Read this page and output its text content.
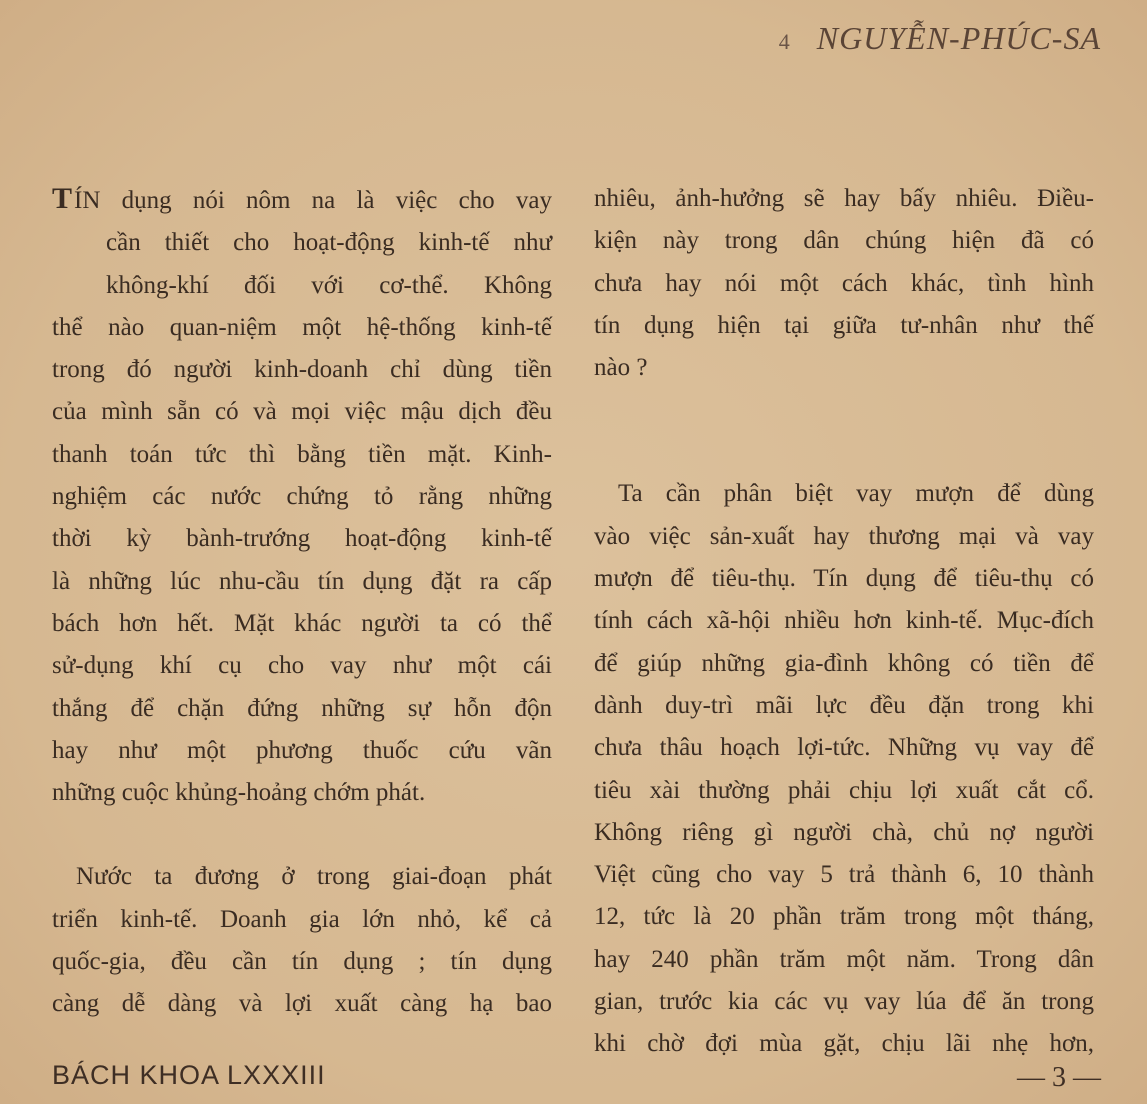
4 NGUYỄN-PHÚC-SA
TÍN dụng nói nôm na là việc cho vay
cần thiết cho hoạt-động kinh-tế như
không-khí đối với cơ-thể. Không
thể nào quan-niệm một hệ-thống kinh-tế
trong đó người kinh-doanh chỉ dùng tiền
của mình sẵn có và mọi việc mậu dịch đều
thanh toán tức thì bằng tiền mặt. Kinh-
nghiệm các nước chứng tỏ rằng những
thời kỳ bành-trướng hoạt-động kinh-tế
là những lúc nhu-cầu tín dụng đặt ra cấp
bách hơn hết. Mặt khác người ta có thể
sử-dụng khí cụ cho vay như một cái
thắng để chặn đứng những sự hỗn độn
hay như một phương thuốc cứu vãn
những cuộc khủng-hoảng chớm phát.
Nước ta đương ở trong giai-đoạn phát
triển kinh-tế. Doanh gia lớn nhỏ, kể cả
quốc-gia, đều cần tín dụng ; tín dụng
càng dễ dàng và lợi xuất càng hạ bao
nhiêu, ảnh-hưởng sẽ hay bấy nhiêu. Điều-
kiện này trong dân chúng hiện đã có
chưa hay nói một cách khác, tình hình
tín dụng hiện tại giữa tư-nhân như thế
nào ?
Ta cần phân biệt vay mượn để dùng
vào việc sản-xuất hay thương mại và vay
mượn để tiêu-thụ. Tín dụng để tiêu-thụ có
tính cách xã-hội nhiều hơn kinh-tế. Mục-đích
để giúp những gia-đình không có tiền để
dành duy-trì mãi lực đều đặn trong khi
chưa thâu hoạch lợi-tức. Những vụ vay để
tiêu xài thường phải chịu lợi xuất cắt cổ.
Không riêng gì người chà, chủ nợ người
Việt cũng cho vay 5 trả thành 6, 10 thành
12, tức là 20 phần trăm trong một tháng,
hay 240 phần trăm một năm. Trong dân
gian, trước kia các vụ vay lúa để ăn trong
khi chờ đợi mùa gặt, chịu lãi nhẹ hơn,
BÁCH KHOA LXXXIII	— 3 —
